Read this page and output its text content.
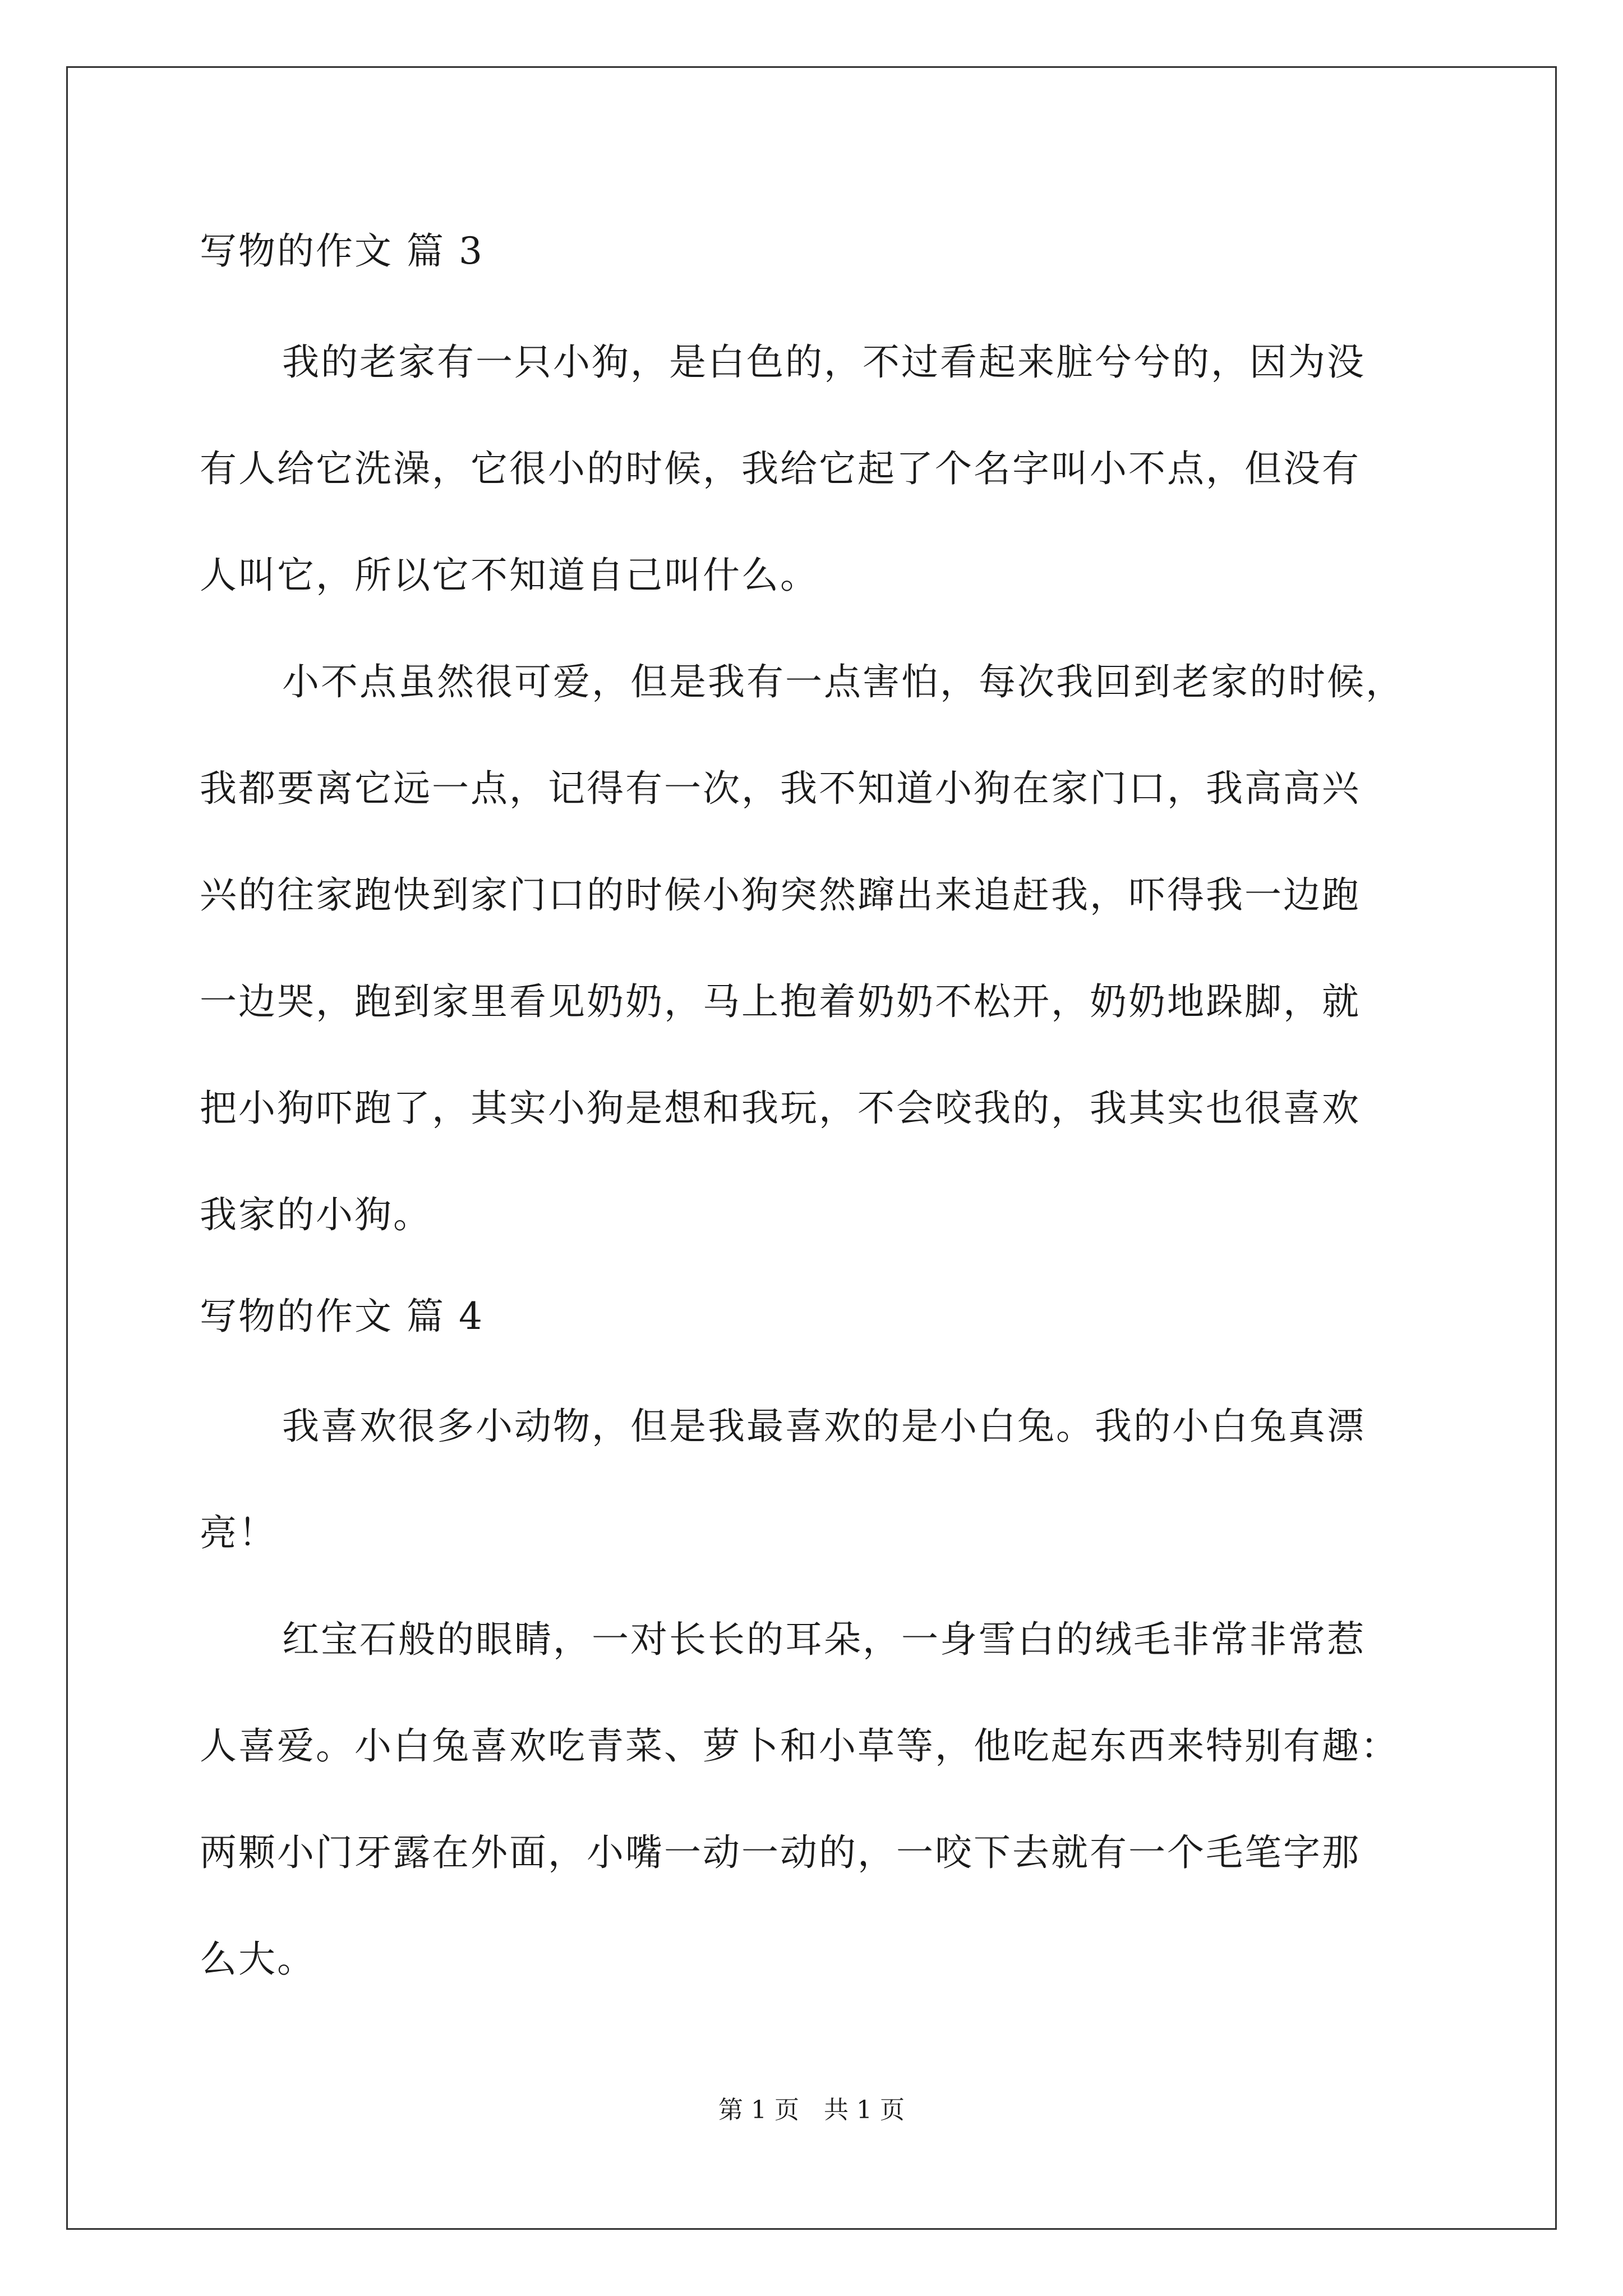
写物的作文 篇 3
我的老家有一只小狗，是白色的，不过看起来脏兮兮的，因为没
有人给它洗澡，它很小的时候，我给它起了个名字叫小不点，但没有
人叫它，所以它不知道自己叫什么。
小不点虽然很可爱，但是我有一点害怕，每次我回到老家的时候，
我都要离它远一点，记得有一次，我不知道小狗在家门口，我高高兴
兴的往家跑快到家门口的时候小狗突然蹿出来追赶我，吓得我一边跑
一边哭，跑到家里看见奶奶，马上抱着奶奶不松开，奶奶地跺脚，就
把小狗吓跑了，其实小狗是想和我玩，不会咬我的，我其实也很喜欢
我家的小狗。
写物的作文 篇 4
我喜欢很多小动物，但是我最喜欢的是小白兔。我的小白兔真漂
亮！
红宝石般的眼睛，一对长长的耳朵，一身雪白的绒毛非常非常惹
人喜爱。小白兔喜欢吃青菜、萝卜和小草等，他吃起东西来特别有趣：
两颗小门牙露在外面，小嘴一动一动的，一咬下去就有一个毛笔字那
么大。
第 1 页　共 1 页
